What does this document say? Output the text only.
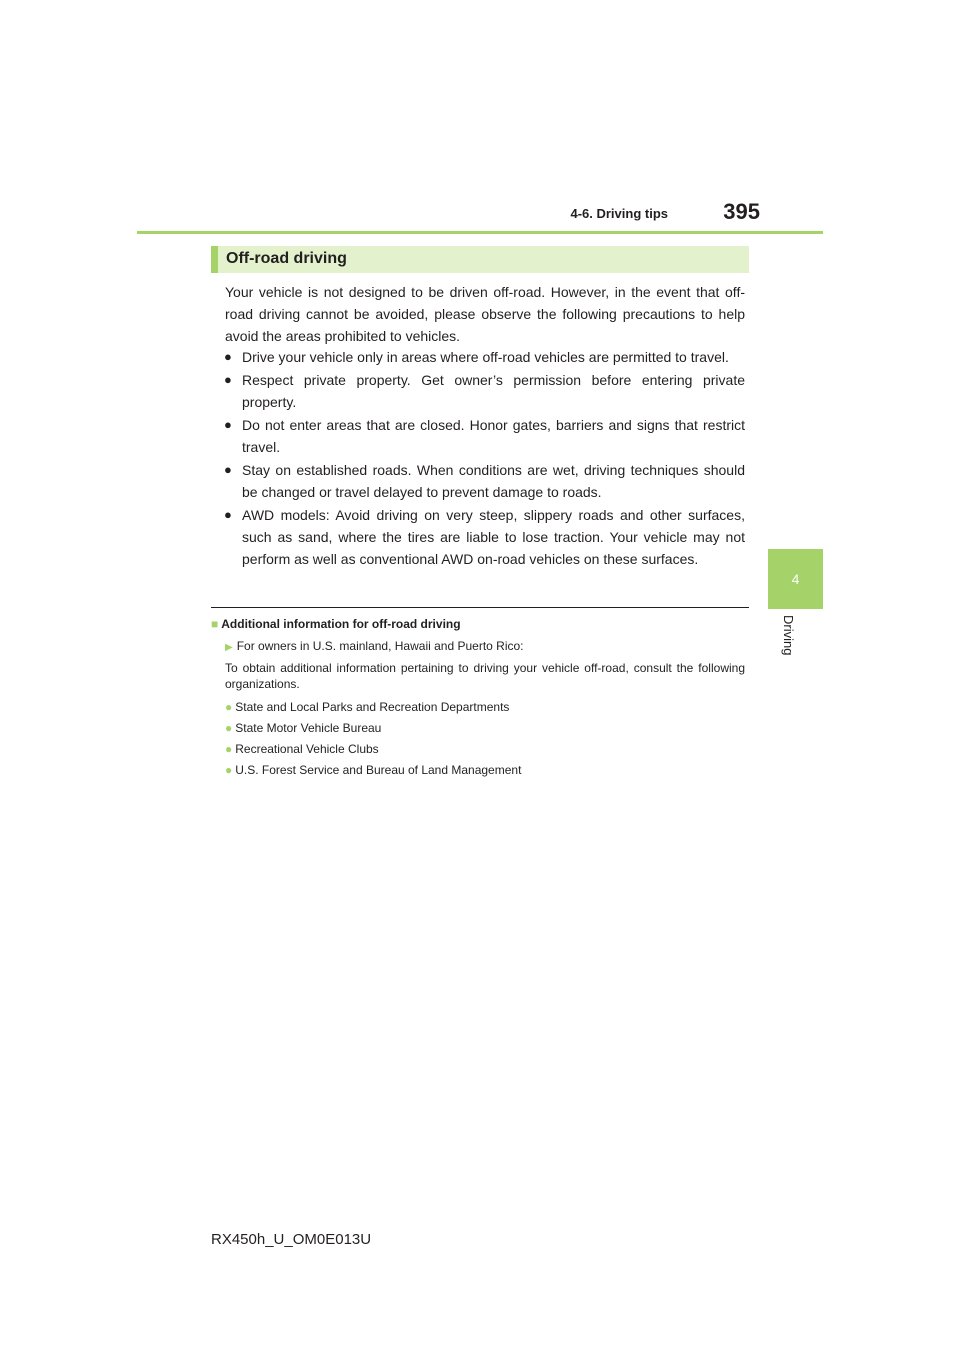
4-6. Driving tips	395
4
Driving
Off-road driving

Your vehicle is not designed to be driven off-road. However, in the event that off-road driving cannot be avoided, please observe the following precautions to help avoid the areas prohibited to vehicles.

● Drive your vehicle only in areas where off-road vehicles are permitted to travel.
● Respect private property. Get owner’s permission before entering private property.
● Do not enter areas that are closed. Honor gates, barriers and signs that restrict travel.
● Stay on established roads. When conditions are wet, driving techniques should be changed or travel delayed to prevent damage to roads.
● AWD models: Avoid driving on very steep, slippery roads and other surfaces, such as sand, where the tires are liable to lose traction. Your vehicle may not perform as well as conventional AWD on-road vehicles on these surfaces.
■ Additional information for off-road driving
▶ For owners in U.S. mainland, Hawaii and Puerto Rico:

To obtain additional information pertaining to driving your vehicle off-road, consult the following organizations.

● State and Local Parks and Recreation Departments
● State Motor Vehicle Bureau
● Recreational Vehicle Clubs
● U.S. Forest Service and Bureau of Land Management
RX450h_U_OM0E013U
